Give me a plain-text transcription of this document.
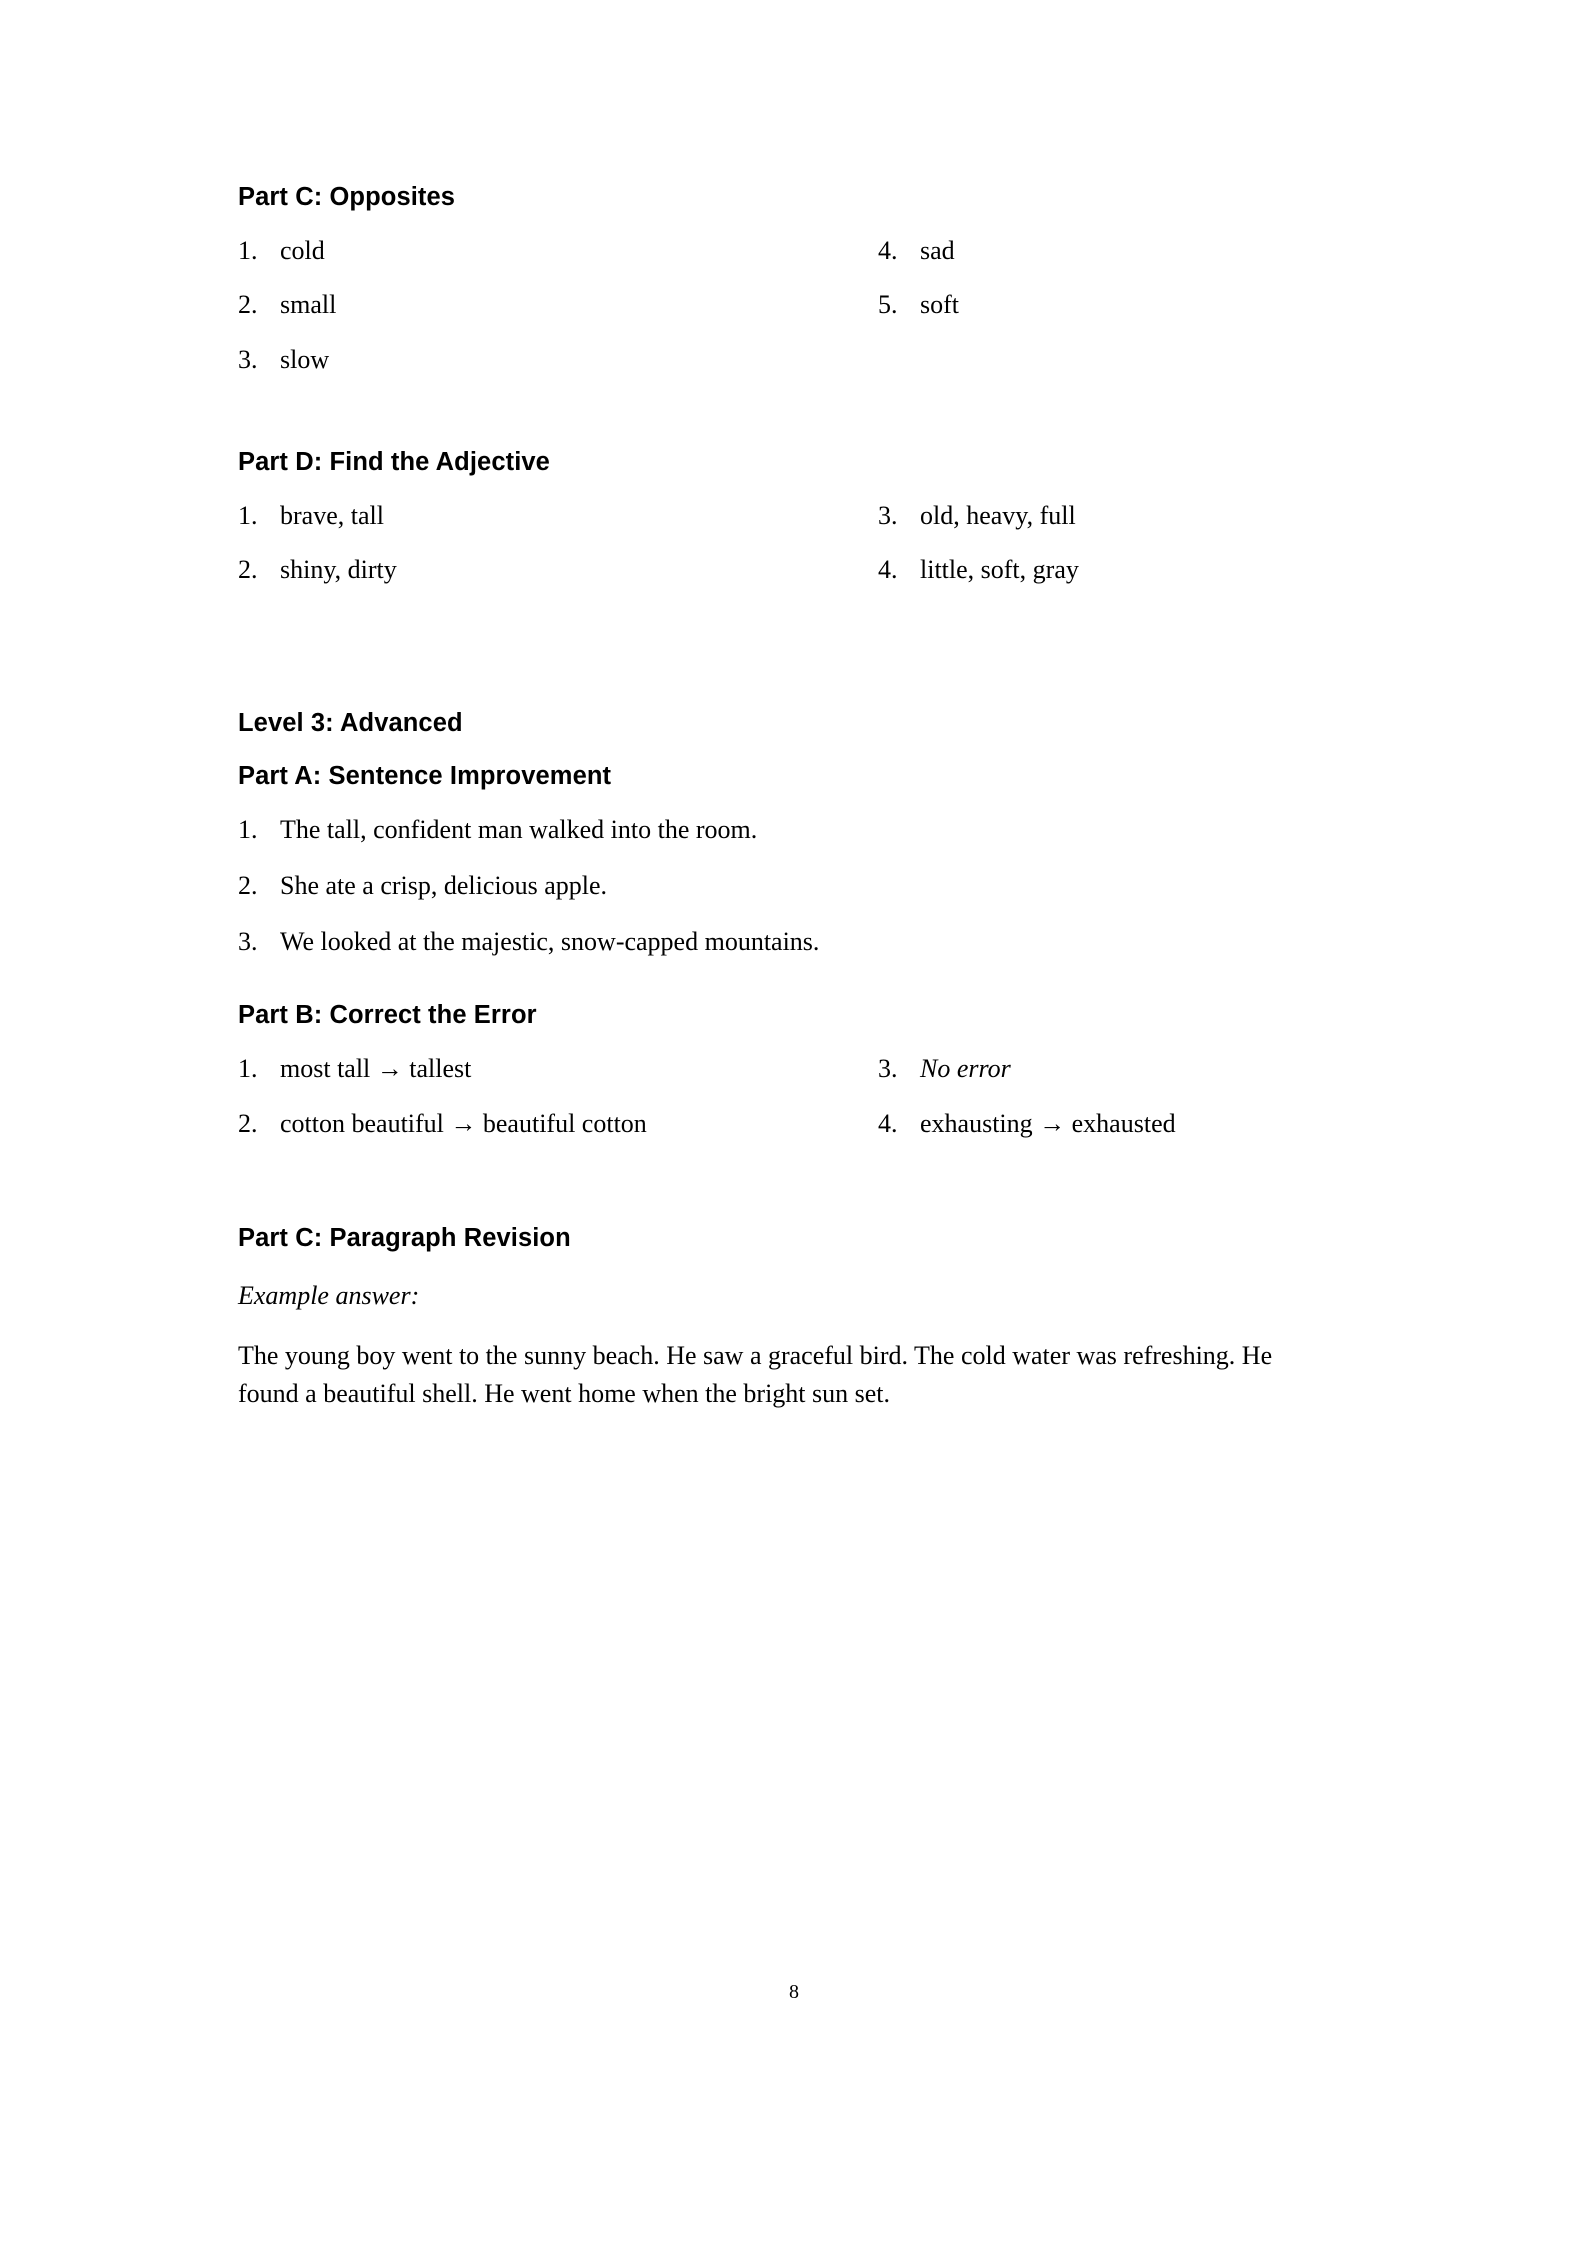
Part C: Opposites
1. cold
2. small
3. slow
4. sad
5. soft
Part D: Find the Adjective
1. brave, tall
2. shiny, dirty
3. old, heavy, full
4. little, soft, gray
Level 3: Advanced
Part A: Sentence Improvement
1. The tall, confident man walked into the room.
2. She ate a crisp, delicious apple.
3. We looked at the majestic, snow-capped mountains.
Part B: Correct the Error
1. most tall → tallest
2. cotton beautiful → beautiful cotton
3. No error
4. exhausting → exhausted
Part C: Paragraph Revision
Example answer:
The young boy went to the sunny beach. He saw a graceful bird. The cold water was refreshing. He found a beautiful shell. He went home when the bright sun set.
8
